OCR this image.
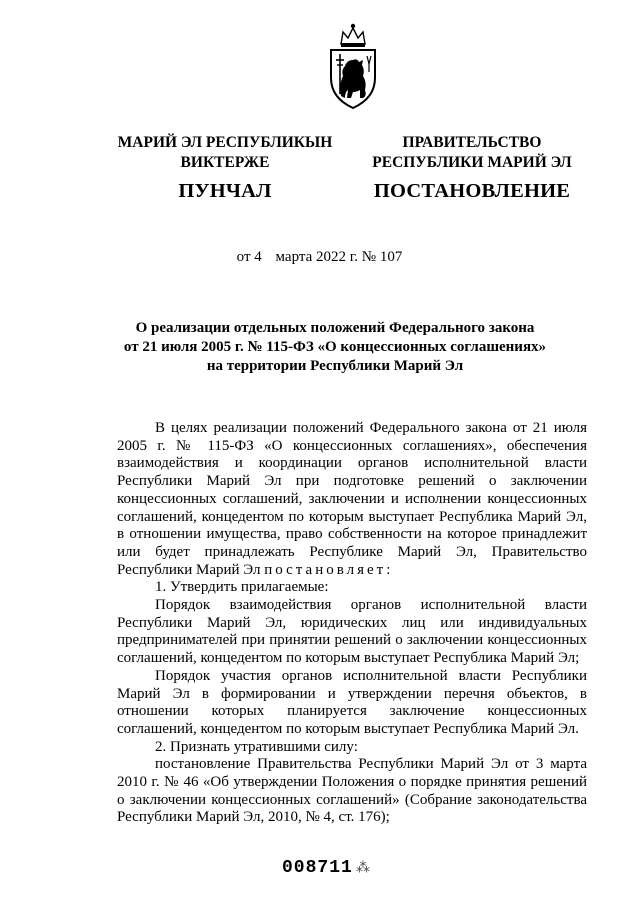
МАРИЙ ЭЛ РЕСПУБЛИКЫН
ВИКТЕРЖЕ
ПУНЧАЛ
ПРАВИТЕЛЬСТВО
РЕСПУБЛИКИ МАРИЙ ЭЛ
ПОСТАНОВЛЕНИЕ
от 4 марта 2022 г. № 107
О реализации отдельных положений Федерального закона
от 21 июля 2005 г. № 115-ФЗ «О концессионных соглашениях»
на территории Республики Марий Эл

В целях реализации положений Федерального закона от 21 июля 2005 г. № 115-ФЗ «О концессионных соглашениях», обеспечения взаимодействия и координации органов исполнительной власти Республики Марий Эл при подготовке решений о заключении концессионных соглашений, заключении и исполнении концессионных соглашений, концедентом по которым выступает Республика Марий Эл, в отношении имущества, право собственности на которое принадлежит или будет принадлежать Республике Марий Эл, Правительство Республики Марий Эл постановляет:

1. Утвердить прилагаемые:

Порядок взаимодействия органов исполнительной власти Республики Марий Эл, юридических лиц или индивидуальных предпринимателей при принятии решений о заключении концессионных соглашений, концедентом по которым выступает Республика Марий Эл;

Порядок участия органов исполнительной власти Республики Марий Эл в формировании и утверждении перечня объектов, в отношении которых планируется заключение концессионных соглашений, концедентом по которым выступает Республика Марий Эл.

2. Признать утратившими силу:

постановление Правительства Республики Марий Эл от 3 марта 2010 г. № 46 «Об утверждении Положения о порядке принятия решений о заключении концессионных соглашений» (Собрание законодательства Республики Марий Эл, 2010, № 4, ст. 176);

008711 ⁂
